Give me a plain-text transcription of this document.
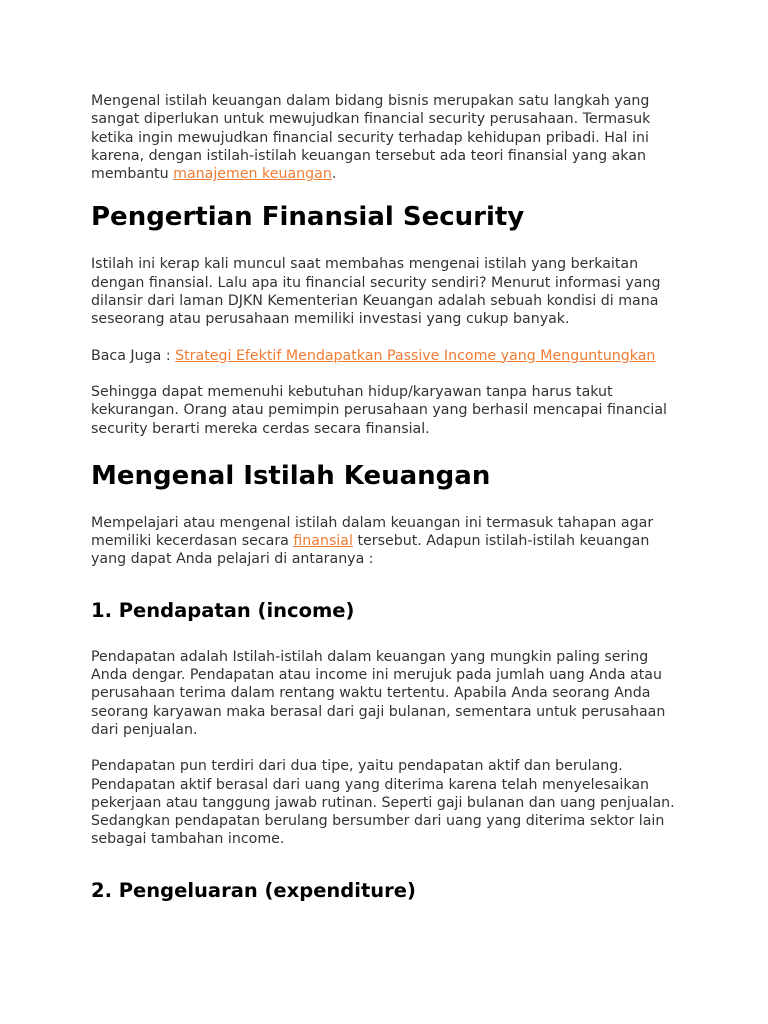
Mengenal istilah keuangan dalam bidang bisnis merupakan satu langkah yang sangat diperlukan untuk mewujudkan financial security perusahaan. Termasuk ketika ingin mewujudkan financial security terhadap kehidupan pribadi. Hal ini karena, dengan istilah-istilah keuangan tersebut ada teori finansial yang akan membantu manajemen keuangan.

Pengertian Finansial Security

Istilah ini kerap kali muncul saat membahas mengenai istilah yang berkaitan dengan finansial. Lalu apa itu financial security sendiri? Menurut informasi yang dilansir dari laman DJKN Kementerian Keuangan adalah sebuah kondisi di mana seseorang atau perusahaan memiliki investasi yang cukup banyak.

Baca Juga : Strategi Efektif Mendapatkan Passive Income yang Menguntungkan

Sehingga dapat memenuhi kebutuhan hidup/karyawan tanpa harus takut kekurangan. Orang atau pemimpin perusahaan yang berhasil mencapai financial security berarti mereka cerdas secara finansial.

Mengenal Istilah Keuangan

Mempelajari atau mengenal istilah dalam keuangan ini termasuk tahapan agar memiliki kecerdasan secara finansial tersebut. Adapun istilah-istilah keuangan yang dapat Anda pelajari di antaranya :

1. Pendapatan (income)

Pendapatan adalah Istilah-istilah dalam keuangan yang mungkin paling sering Anda dengar. Pendapatan atau income ini merujuk pada jumlah uang Anda atau perusahaan terima dalam rentang waktu tertentu. Apabila Anda seorang Anda seorang karyawan maka berasal dari gaji bulanan, sementara untuk perusahaan dari penjualan.

Pendapatan pun terdiri dari dua tipe, yaitu pendapatan aktif dan berulang. Pendapatan aktif berasal dari uang yang diterima karena telah menyelesaikan pekerjaan atau tanggung jawab rutinan. Seperti gaji bulanan dan uang penjualan. Sedangkan pendapatan berulang bersumber dari uang yang diterima sektor lain sebagai tambahan income.

2. Pengeluaran (expenditure)
